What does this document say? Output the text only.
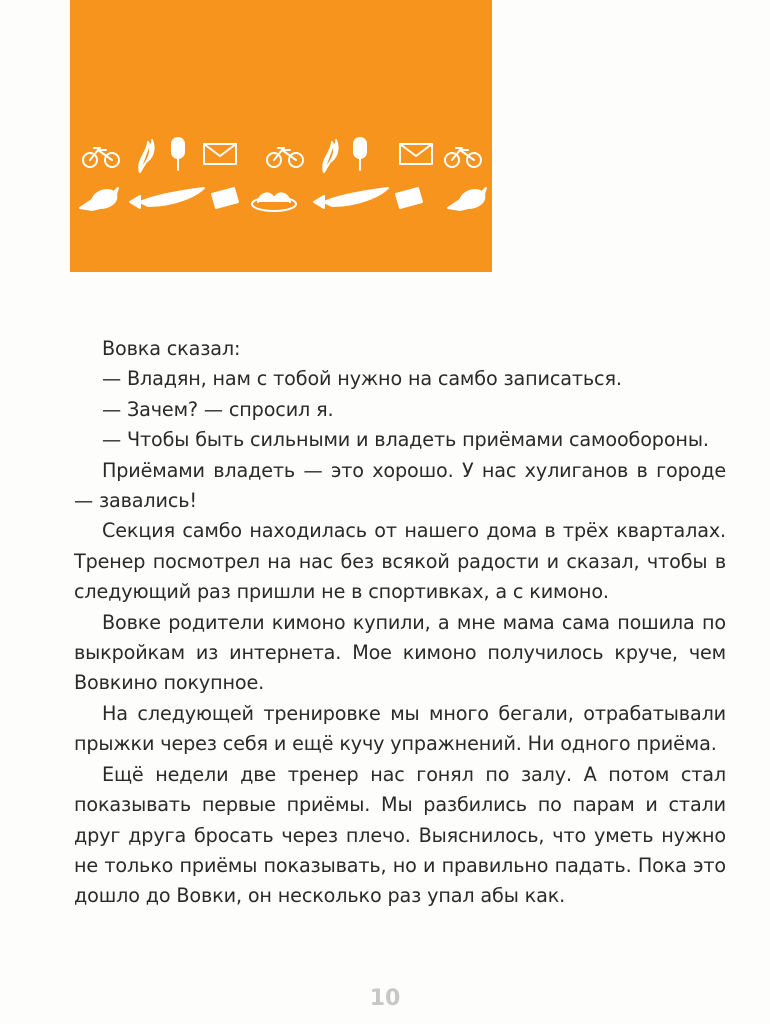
Вовка сказал:

— Владян, нам с тобой нужно на самбо записаться.

— Зачем? — спросил я.

— Чтобы быть сильными и владеть приёмами самообороны.

Приёмами владеть — это хорошо. У нас хулиганов в городе — завались!

Секция самбо находилась от нашего дома в трёх кварталах. Тренер посмотрел на нас без всякой радости и сказал, чтобы в следующий раз пришли не в спортивках, а с кимоно.

Вовке родители кимоно купили, а мне мама сама пошила по выкройкам из интернета. Мое кимоно получилось круче, чем Вовкино покупное.

На следующей тренировке мы много бегали, отрабатывали прыжки через себя и ещё кучу упражнений. Ни одного приёма.

Ещё недели две тренер нас гонял по залу. А потом стал показывать первые приёмы. Мы разбились по парам и стали друг друга бросать через плечо. Выяснилось, что уметь нужно не только приёмы показывать, но и правильно падать. Пока это дошло до Вовки, он несколько раз упал абы как.

10
